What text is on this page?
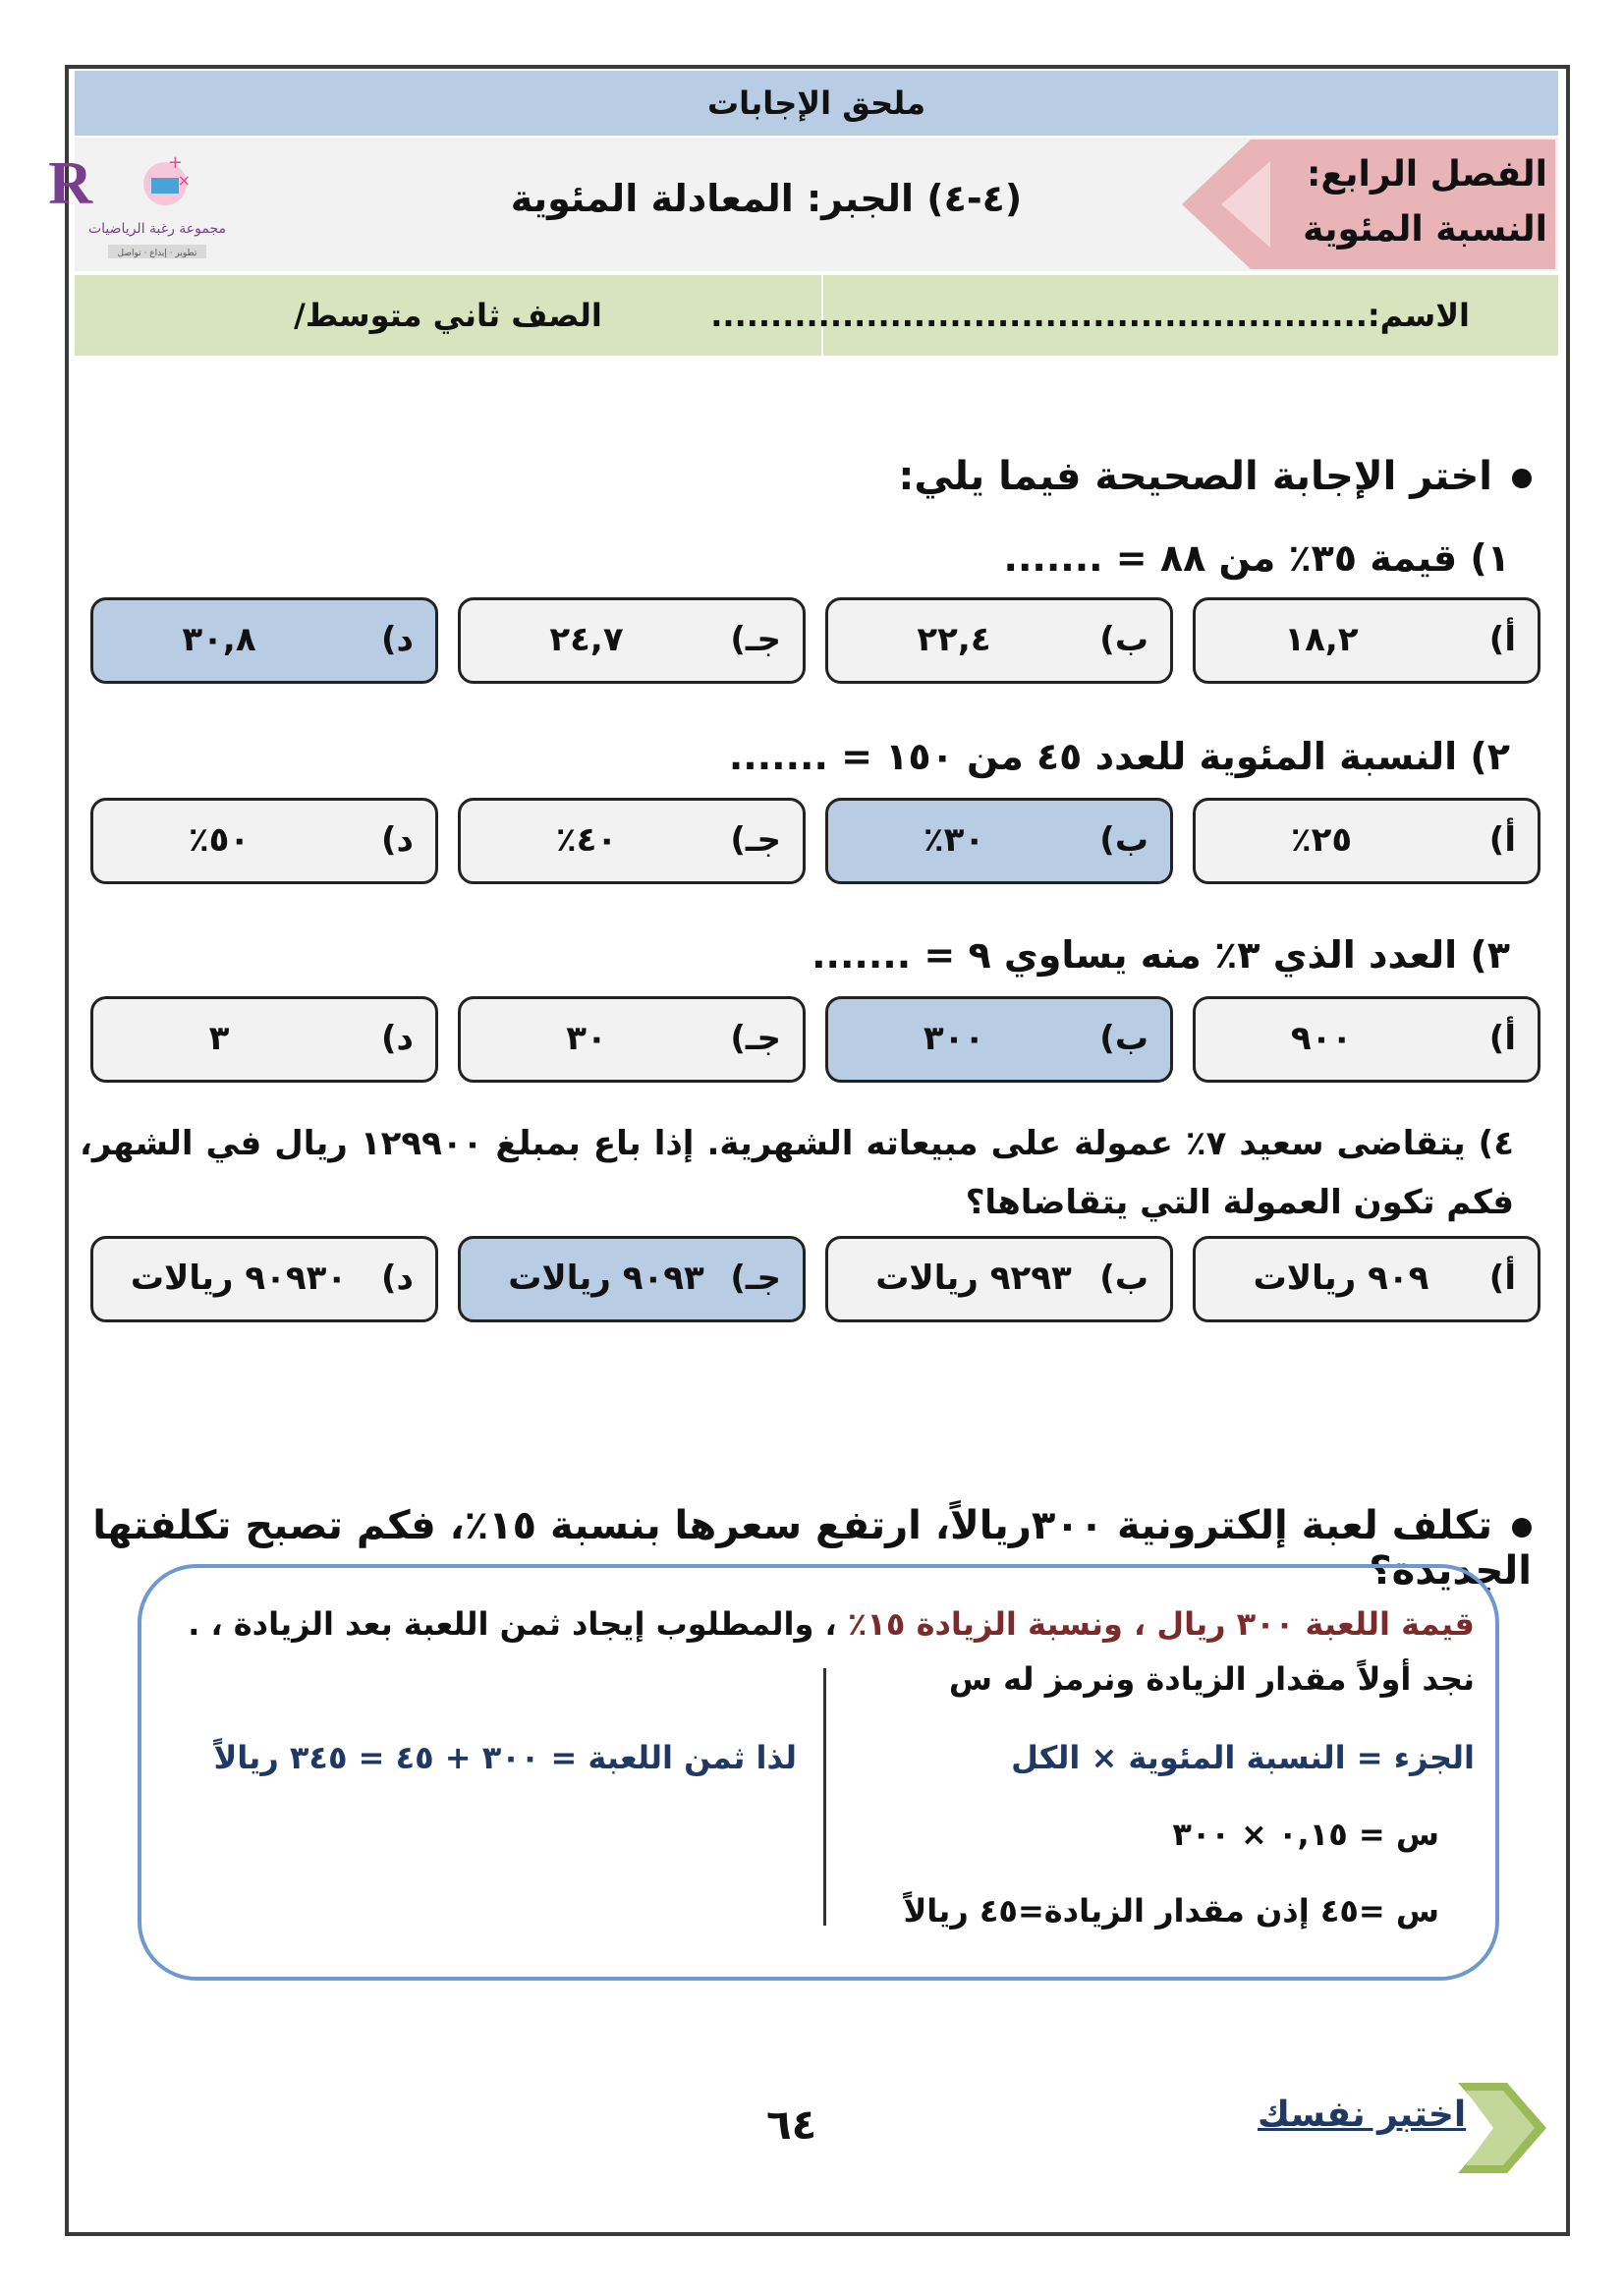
ملحق الإجابات
الفصل الرابع:
النسبة المئوية
(٤-٤) الجبر: المعادلة المئوية
R	+
×
مجموعة رغبة الرياضيات
تطوير · إبداع · تواصل
الاسم:.......................................................
الصف ثاني متوسط/
اختر الإجابة الصحيحة فيما يلي:
١) قيمة ٣٥٪ من ٨٨ = .......
أ)
١٨,٢
ب)
٢٢,٤
جـ)
٢٤,٧
د)
٣٠,٨
٢) النسبة المئوية للعدد ٤٥ من ١٥٠ = .......
أ)
٢٥٪
ب)
٣٠٪
جـ)
٤٠٪
د)
٥٠٪
٣) العدد الذي ٣٪ منه يساوي ٩ = .......
أ)
٩٠٠
ب)
٣٠٠
جـ)
٣٠
د)
٣
٤) يتقاضى سعيد ٧٪ عمولة على مبيعاته الشهرية. إذا باع بمبلغ ١٢٩٩٠٠ ريال في الشهر، فكم تكون العمولة التي يتقاضاها؟
أ)
٩٠٩ ريالات
ب)
٩٢٩٣ ريالات
جـ)
٩٠٩٣ ريالات
د)
٩٠٩٣٠ ريالات
تكلف لعبة إلكترونية ٣٠٠ريالاً، ارتفع سعرها بنسبة ١٥٪، فكم تصبح تكلفتها الجديدة؟
قيمة اللعبة ٣٠٠ ريال ، ونسبة الزيادة ١٥٪ ، والمطلوب إيجاد ثمن اللعبة بعد الزيادة ، .
نجد أولاً مقدار الزيادة ونرمز له س
الجزء = النسبة المئوية × الكل
س = ٠,١٥ × ٣٠٠
س =٤٥ إذن مقدار الزيادة=٤٥ ريالاً
لذا ثمن اللعبة = ٣٠٠ + ٤٥ = ٣٤٥ ريالاً
٦٤	اختبر نفسك
